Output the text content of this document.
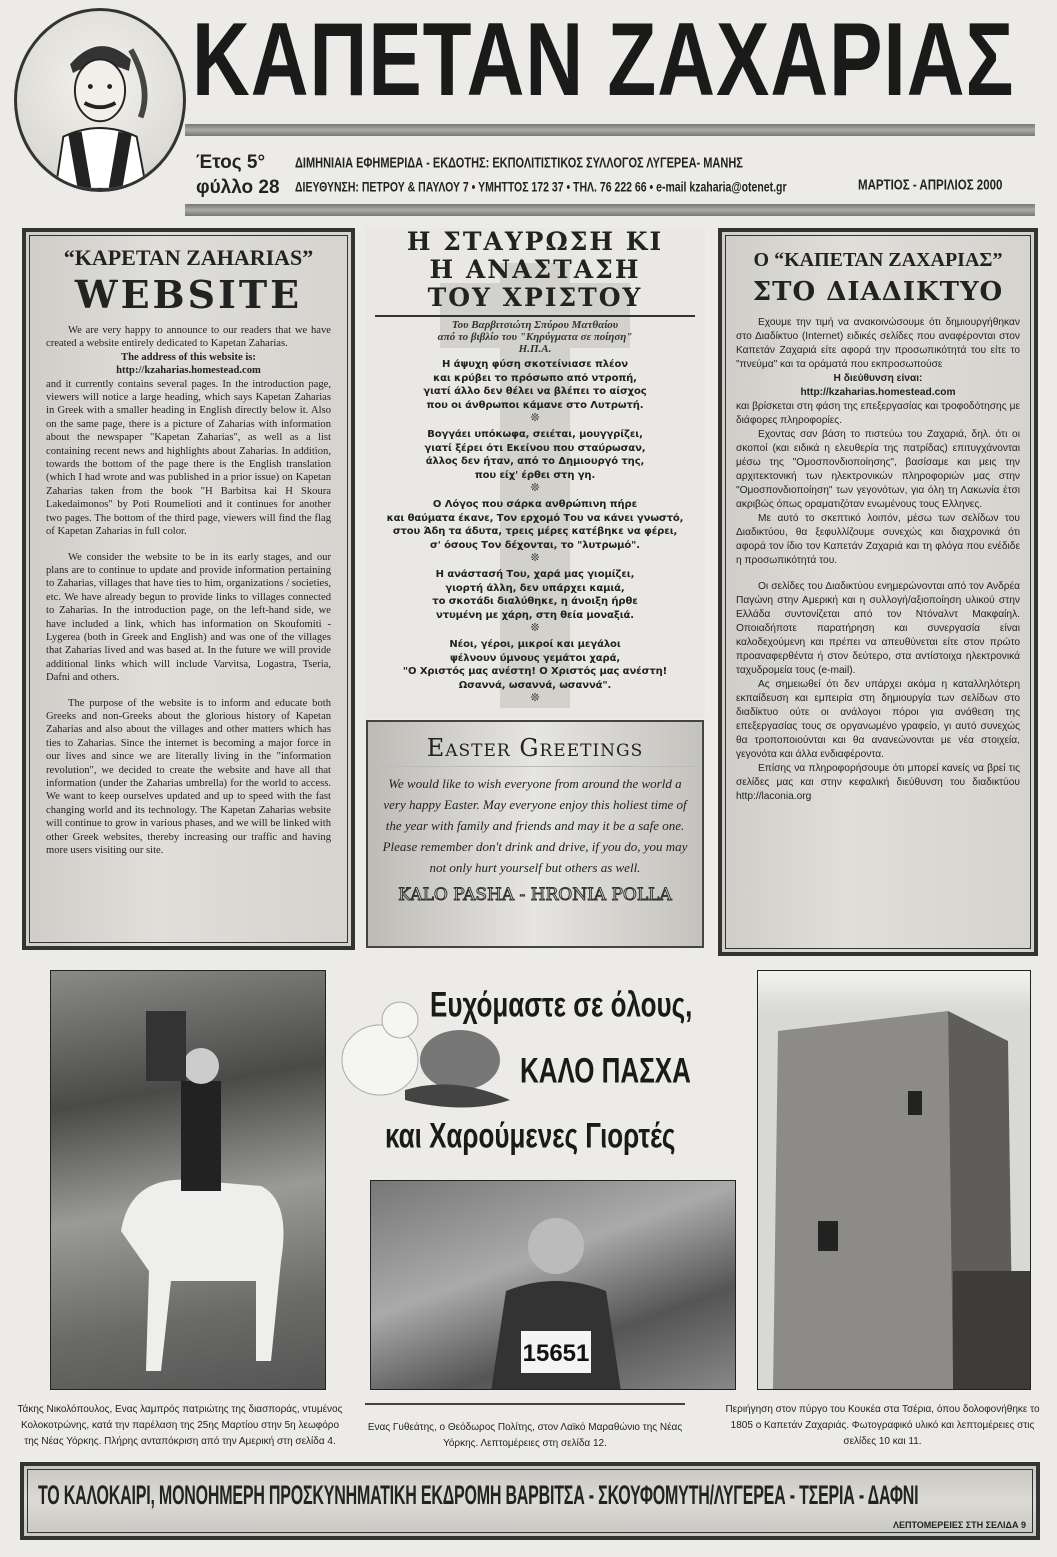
ΚΑΠΕΤΑΝ ΖΑΧΑΡΙΑΣ
Έτος 5°
φύλλο 28
ΔΙΜΗΝΙΑΙΑ ΕΦΗΜΕΡΙΔΑ - ΕΚΔΟΤΗΣ: ΕΚΠΟΛΙΤΙΣΤΙΚΟΣ ΣΥΛΛΟΓΟΣ ΛΥΓΕΡΕΑ- ΜΑΝΗΣ
ΔΙΕΥΘΥΝΣΗ: ΠΕΤΡΟΥ & ΠΑΥΛΟΥ 7 • ΥΜΗΤΤΟΣ 172 37 • ΤΗΛ. 76 222 66 • e-mail kzaharia@otenet.gr	ΜΑΡΤΙΟΣ - ΑΠΡΙΛΙΟΣ 2000
“KAPETAN ZAHARIAS”
WEBSITE

We are very happy to announce to our readers that we have created a website entirely dedicated to Kapetan Zaharias.

The address of this website is:

http://kzaharias.homestead.com

and it currently contains several pages. In the introduction page, viewers will notice a large heading, which says Kapetan Zaharias in Greek with a smaller heading in English directly below it. Also on the same page, there is a picture of Zaharias with information about the newspaper "Kapetan Zaharias", as well as a list containing recent news and highlights about Zaharias. In addition, towards the bottom of the page there is the English translation (which I had wrote and was published in a prior issue) on Kapetan Zaharias taken from the book "H Barbitsa kai H Skoura Lakedaimonos" by Poti Roumelioti and it continues for another two pages. The bottom of the third page, viewers will find the flag of Kapetan Zaharias in full color.

We consider the website to be in its early stages, and our plans are to continue to update and provide information pertaining to Zaharias, villages that have ties to him, organizations / societies, etc. We have already begun to provide links to villages connected to Zaharias. In the introduction page, on the left-hand side, we have included a link, which has information on Skoufomiti - Lygerea (both in Greek and English) and was one of the villages that Zaharias lived and was based at. In the future we will provide additional links which will include Varvitsa, Logastra, Tseria, Dafni and others.

The purpose of the website is to inform and educate both Greeks and non-Greeks about the glorious history of Kapetan Zaharias and also about the villages and other matters which has ties to Zaharias. Since the internet is becoming a major force in our lives and since we are literally living in the "information revolution", we decided to create the website and have all that information (under the Zaharias umbrella) for the world to access. We want to keep ourselves updated and up to speed with the fast changing world and its technology. The Kapetan Zaharias website will continue to grow in various phases, and we will be linked with other Greek websites, thereby increasing our traffic and having more users visiting our site.

Η ΣΤΑΥΡΩΣΗ ΚΙ
Η ΑΝΑΣΤΑΣΗ
ΤΟΥ ΧΡΙΣΤΟΥ
Του Βαρβιτσιώτη Σπύρου Ματθαίου
από το βιβλίο του "Κηρύγματα σε ποίηση"
Η.Π.Α.
Η άψυχη φύση σκοτείνιασε πλέον
και κρύβει το πρόσωπο από ντροπή,
γιατί άλλο δεν θέλει να βλέπει το αίσχος
που οι άνθρωποι κάμανε στο Λυτρωτή.
❊
Βογγάει υπόκωφα, σειέται, μουγγρίζει,
γιατί ξέρει ότι Εκείνου που σταύρωσαν,
άλλος δεν ήταν, από το Δημιουργό της,
που είχ' έρθει στη γη.
❊
Ο Λόγος που σάρκα ανθρώπινη πήρε
και θαύματα έκανε, Τον ερχομό Του να κάνει γνωστό,
στου Άδη τα άδυτα, τρεις μέρες κατέβηκε να φέρει,
σ' όσους Τον δέχονται, το "λυτρωμό".
❊
Η ανάστασή Του, χαρά μας γιομίζει,
γιορτή άλλη, δεν υπάρχει καμιά,
το σκοτάδι διαλύθηκε, η άνοιξη ήρθε
ντυμένη με χάρη, στη θεία μοναξιά.
❊
Νέοι, γέροι, μικροί και μεγάλοι
ψέλνουν ύμνους γεμάτοι χαρά,
"Ο Χριστός μας ανέστη! Ο Χριστός μας ανέστη!
Ωσαννά, ωσαννά, ωσαννά".
❊
Easter Greetings

We would like to wish everyone from around the world a very happy Easter. May everyone enjoy this holiest time of the year with family and friends and may it be a safe one. Please remember don't drink and drive, if you do, you may not only hurt yourself but others as well.

KALO PASHA - HRONIA POLLA

Ο “ΚΑΠΕΤΑΝ ΖΑΧΑΡΙΑΣ”
ΣΤΟ ΔΙΑΔΙΚΤΥΟ

Εχουμε την τιμή να ανακοινώσουμε ότι δημιουργήθηκαν στο Διαδίκτυο (Internet) ειδικές σελίδες που αναφέρονται στον Καπετάν Ζαχαριά είτε αφορά την προσωπικότητά του είτε το "πνεύμα" και τα οράματά που εκπροσωπούσε

Η διεύθυνση είναι:

http://kzaharias.homestead.com

και βρίσκεται στη φάση της επεξεργασίας και τροφοδότησης με διάφορες πληροφορίες.

Εχοντας σαν βάση το πιστεύω του Ζαχαριά, δηλ. ότι οι σκοποί (και ειδικά η ελευθερία της πατρίδας) επιτυγχάνονται μέσω της "Ομοσπονδιοποίησης", βασίσαμε και μεις την αρχιτεκτονική των ηλεκτρονικών πληροφοριών μας στην "Ομοσπονδιοποίηση" των γεγονότων, για όλη τη Λακωνία έτσι ακριβώς όπως οραματιζόταν ενωμένους τους Ελληνες.

Με αυτό το σκεπτικό λοιπόν, μέσω των σελίδων του Διαδικτύου, θα ξεφυλλίζουμε συνεχώς και διαχρονικά ότι αφορά τον ίδιο τον Καπετάν Ζαχαριά και τη φλόγα που ενέδιδε η προσωπικότητά του.

Οι σελίδες του Διαδικτύου ενημερώνονται από τον Ανδρέα Παγώνη στην Αμερική και η συλλογή/αξιοποίηση υλικού στην Ελλάδα συντονίζεται από τον Ντόναλντ Μακφαίηλ. Οποιαδήποτε παρατήρηση και συνεργασία είναι καλοδεχούμενη και πρέπει να απευθύνεται είτε στον πρώτο προαναφερθέντα ή στον δεύτερο, στα αντίστοιχα ηλεκτρονικά ταχυδρομεία τους (e-mail).

Ας σημειωθεί ότι δεν υπάρχει ακόμα η καταλληλότερη εκπαίδευση και εμπειρία στη δημιουργία των σελίδων στο διαδίκτυο ούτε οι ανάλογοι πόροι για ανάθεση της επεξεργασίας τους σε οργανωμένο γραφείο, γι αυτό συνεχώς θα τροποποιούνται και θα ανανεώνονται με νέα στοιχεία, γεγονότα και άλλα ενδιαφέροντα.

Επίσης να πληροφορήσουμε ότι μπορεί κανείς να βρεί τις σελίδες μας και στην κεφαλική διεύθυνση του διαδικτύου http://laconia.org

Ευχόμαστε σε όλους,
ΚΑΛΟ ΠΑΣΧΑ
και Χαρούμενες Γιορτές
15651
Τάκης Νικολόπουλος, Ενας λαμπρός πατριώτης της διασποράς, ντυμένος Κολοκοτρώνης, κατά την παρέλαση της 25ης Μαρτίου στην 5η λεωφόρο της Νέας Υόρκης. Πλήρης ανταπόκριση από την Αμερική στη σελίδα 4.
Ενας Γυθεάτης, ο Θεόδωρος Πολίτης, στον Λαϊκό Μαραθώνιο της Νέας Υόρκης. Λεπτομέρειες στη σελίδα 12.
Περιήγηση στον πύργο του Κουκέα στα Τσέρια, όπου δολοφονήθηκε το 1805 ο Καπετάν Ζαχαριάς. Φωτογραφικό υλικό και λεπτομέρειες στις σελίδες 10 και 11.
ΤΟ ΚΑΛΟΚΑΙΡΙ, ΜΟΝΟΗΜΕΡΗ ΠΡΟΣΚΥΝΗΜΑΤΙΚΗ ΕΚΔΡΟΜΗ ΒΑΡΒΙΤΣΑ - ΣΚΟΥΦΟΜΥΤΗ/ΛΥΓΕΡΕΑ - ΤΣΕΡΙΑ - ΔΑΦΝΙ
ΛΕΠΤΟΜΕΡΕΙΕΣ ΣΤΗ ΣΕΛΙΔΑ 9
